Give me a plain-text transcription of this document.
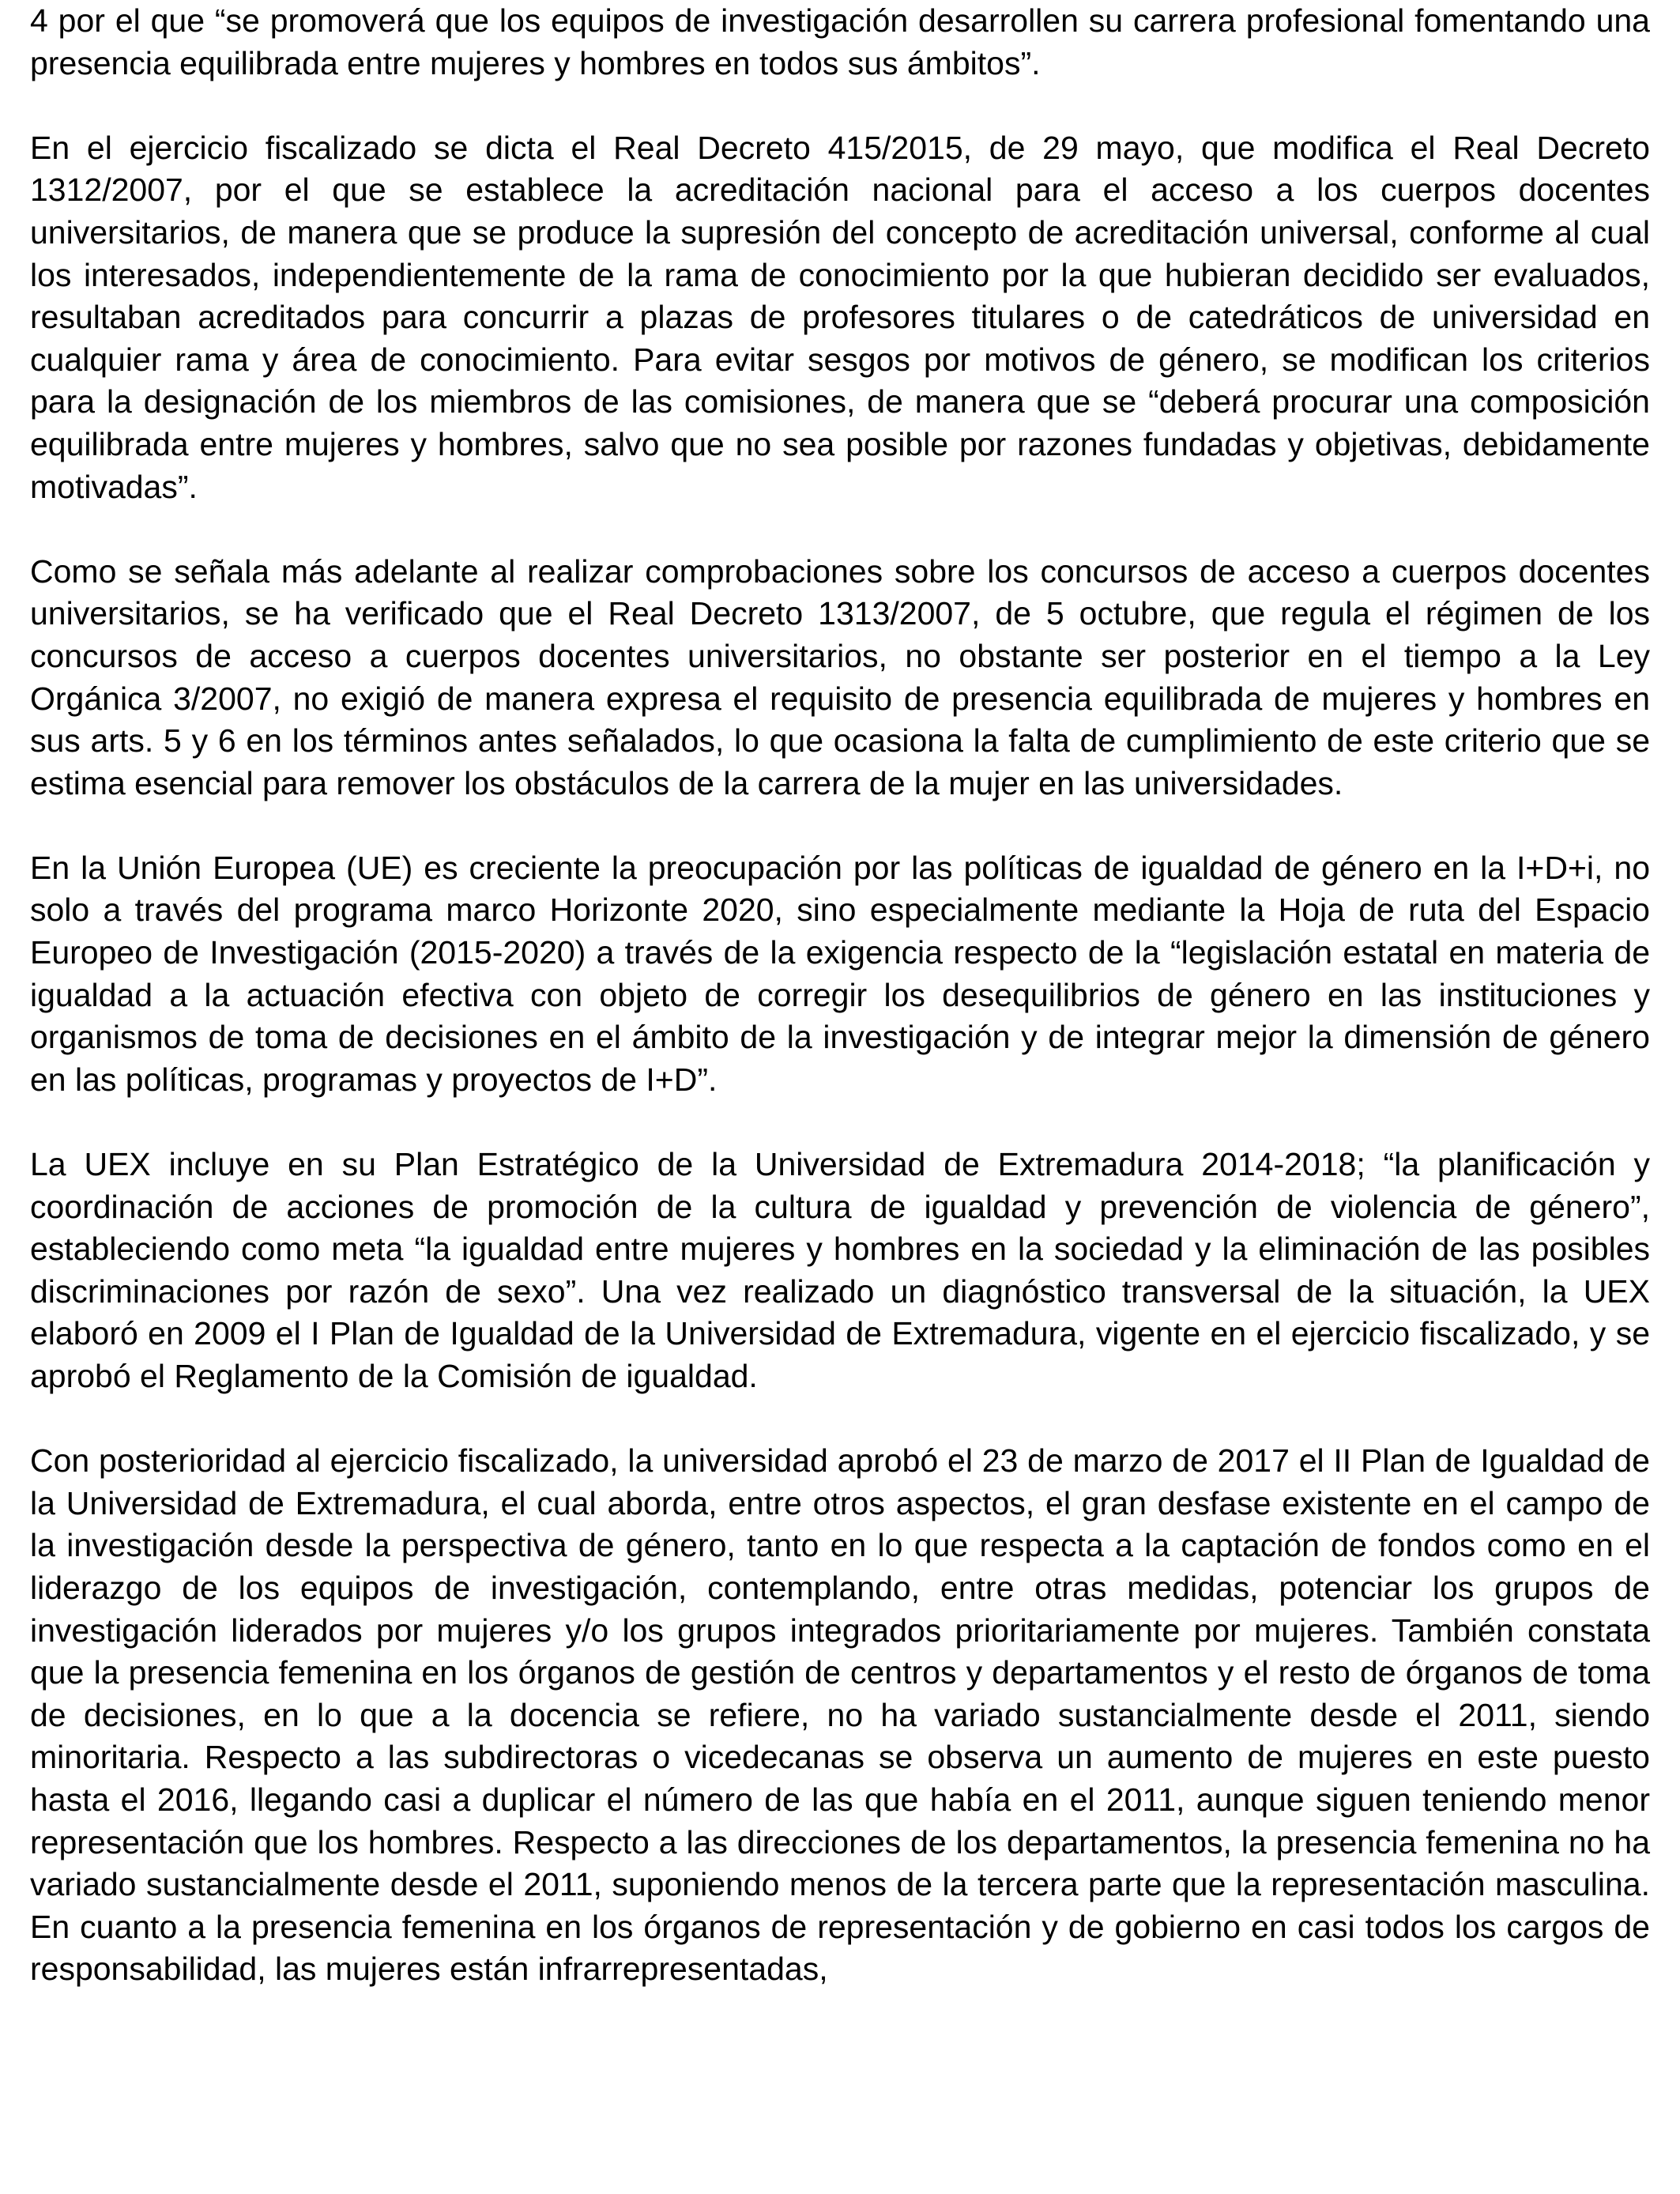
4 por el que “se promoverá que los equipos de investigación desarrollen su carrera profesional fomentando una presencia equilibrada entre mujeres y hombres en todos sus ámbitos”.

En el ejercicio fiscalizado se dicta el Real Decreto 415/2015, de 29 mayo, que modifica el Real Decreto 1312/2007, por el que se establece la acreditación nacional para el acceso a los cuerpos docentes universitarios, de manera que se produce la supresión del concepto de acreditación universal, conforme al cual los interesados, independientemente de la rama de conocimiento por la que hubieran decidido ser evaluados, resultaban acreditados para concurrir a plazas de profesores titulares o de catedráticos de universidad en cualquier rama y área de conocimiento. Para evitar sesgos por motivos de género, se modifican los criterios para la designación de los miembros de las comisiones, de manera que se “deberá procurar una composición equilibrada entre mujeres y hombres, salvo que no sea posible por razones fundadas y objetivas, debidamente motivadas”.

Como se señala más adelante al realizar comprobaciones sobre los concursos de acceso a cuerpos docentes universitarios, se ha verificado que el Real Decreto 1313/2007, de 5 octubre, que regula el régimen de los concursos de acceso a cuerpos docentes universitarios, no obstante ser posterior en el tiempo a la Ley Orgánica 3/2007, no exigió de manera expresa el requisito de presencia equilibrada de mujeres y hombres en sus arts. 5 y 6 en los términos antes señalados, lo que ocasiona la falta de cumplimiento de este criterio que se estima esencial para remover los obstáculos de la carrera de la mujer en las universidades.

En la Unión Europea (UE) es creciente la preocupación por las políticas de igualdad de género en la I+D+i, no solo a través del programa marco Horizonte 2020, sino especialmente mediante la Hoja de ruta del Espacio Europeo de Investigación (2015-2020) a través de la exigencia respecto de la “legislación estatal en materia de igualdad a la actuación efectiva con objeto de corregir los desequilibrios de género en las instituciones y organismos de toma de decisiones en el ámbito de la investigación y de integrar mejor la dimensión de género en las políticas, programas y proyectos de I+D”.

La UEX incluye en su Plan Estratégico de la Universidad de Extremadura 2014-2018; “la planificación y coordinación de acciones de promoción de la cultura de igualdad y prevención de violencia de género”, estableciendo como meta “la igualdad entre mujeres y hombres en la sociedad y la eliminación de las posibles discriminaciones por razón de sexo”. Una vez realizado un diagnóstico transversal de la situación, la UEX elaboró en 2009 el I Plan de Igualdad de la Universidad de Extremadura, vigente en el ejercicio fiscalizado, y se aprobó el Reglamento de la Comisión de igualdad.

Con posterioridad al ejercicio fiscalizado, la universidad aprobó el 23 de marzo de 2017 el II Plan de Igualdad de la Universidad de Extremadura, el cual aborda, entre otros aspectos, el gran desfase existente en el campo de la investigación desde la perspectiva de género, tanto en lo que respecta a la captación de fondos como en el liderazgo de los equipos de investigación, contemplando, entre otras medidas, potenciar los grupos de investigación liderados por mujeres y/o los grupos integrados prioritariamente por mujeres. También constata que la presencia femenina en los órganos de gestión de centros y departamentos y el resto de órganos de toma de decisiones, en lo que a la docencia se refiere, no ha variado sustancialmente desde el 2011, siendo minoritaria. Respecto a las subdirectoras o vicedecanas se observa un aumento de mujeres en este puesto hasta el 2016, llegando casi a duplicar el número de las que había en el 2011, aunque siguen teniendo menor representación que los hombres. Respecto a las direcciones de los departamentos, la presencia femenina no ha variado sustancialmente desde el 2011, suponiendo menos de la tercera parte que la representación masculina. En cuanto a la presencia femenina en los órganos de representación y de gobierno en casi todos los cargos de responsabilidad, las mujeres están infrarrepresentadas,
